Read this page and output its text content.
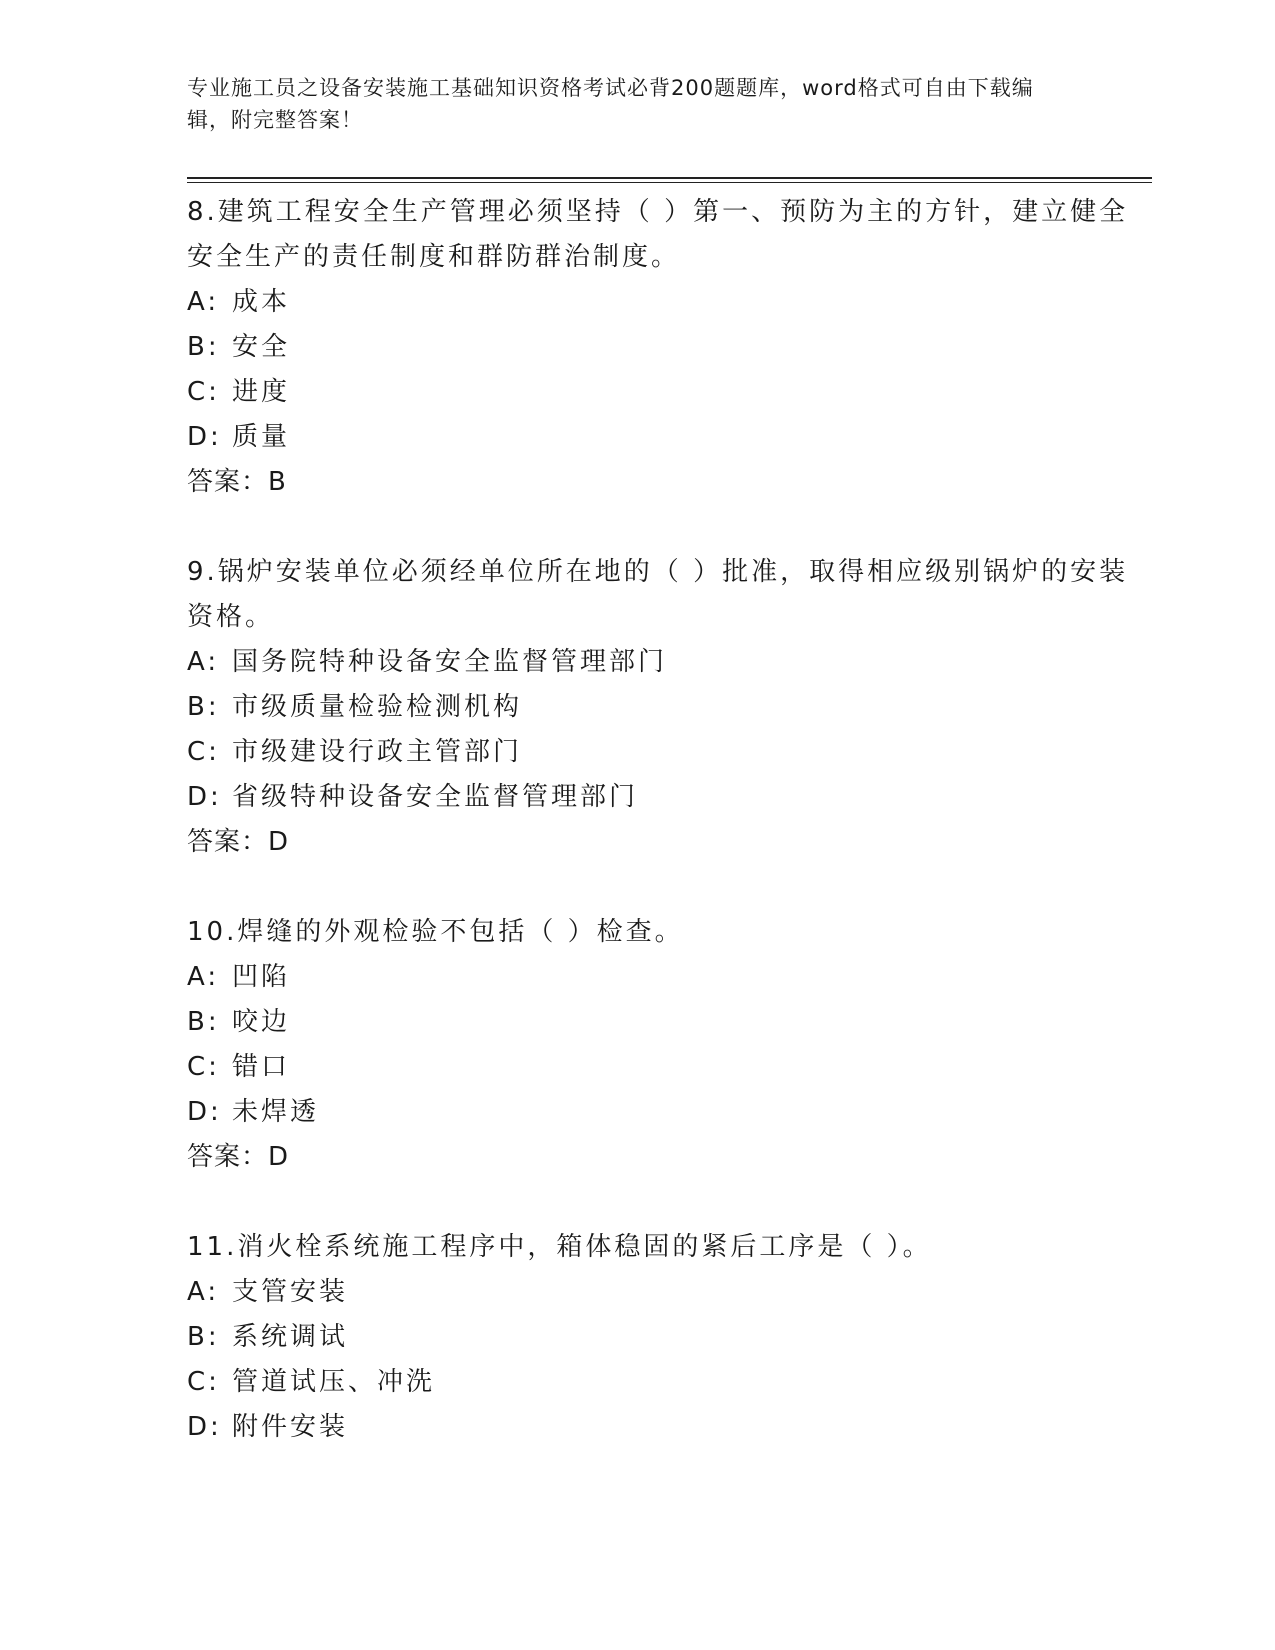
专业施工员之设备安装施工基础知识资格考试必背200题题库，word格式可自由下载编辑，附完整答案！

8.建筑工程安全生产管理必须坚持（ ）第一、预防为主的方针，建立健全安全生产的责任制度和群防群治制度。

A: 成本

B: 安全

C: 进度

D: 质量

答案：B

9.锅炉安装单位必须经单位所在地的（ ）批准，取得相应级别锅炉的安装资格。

A: 国务院特种设备安全监督管理部门

B: 市级质量检验检测机构

C: 市级建设行政主管部门

D: 省级特种设备安全监督管理部门

答案：D

10.焊缝的外观检验不包括（ ）检查。

A: 凹陷

B: 咬边

C: 错口

D: 未焊透

答案：D

11.消火栓系统施工程序中，箱体稳固的紧后工序是（ ）。

A: 支管安装

B: 系统调试

C: 管道试压、冲洗

D: 附件安装
